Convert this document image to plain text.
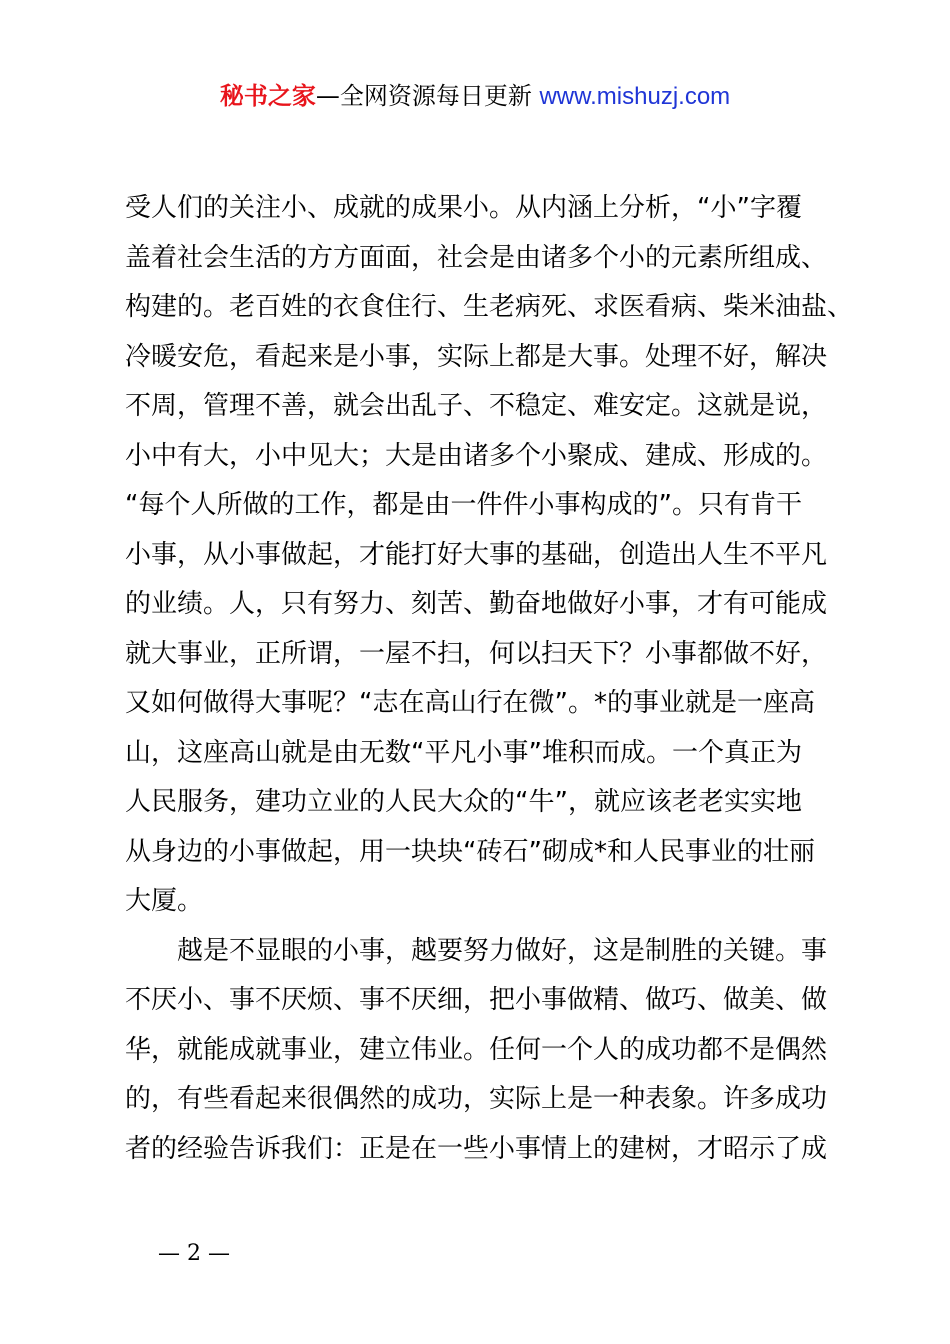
秘书之家—全网资源每日更新 www.mishuzj.com
受人们的关注小、成就的成果小。从内涵上分析，“小”字覆
盖着社会生活的方方面面，社会是由诸多个小的元素所组成、
构建的。老百姓的衣食住行、生老病死、求医看病、柴米油盐、
冷暖安危，看起来是小事，实际上都是大事。处理不好，解决
不周，管理不善，就会出乱子、不稳定、难安定。这就是说，
小中有大，小中见大；大是由诸多个小聚成、建成、形成的。
“每个人所做的工作，都是由一件件小事构成的”。只有肯干
小事，从小事做起，才能打好大事的基础，创造出人生不平凡
的业绩。人，只有努力、刻苦、勤奋地做好小事，才有可能成
就大事业，正所谓，一屋不扫，何以扫天下？小事都做不好，
又如何做得大事呢？“志在高山行在微”。*的事业就是一座高
山，这座高山就是由无数“平凡小事”堆积而成。一个真正为
人民服务，建功立业的人民大众的“牛”，就应该老老实实地
从身边的小事做起，用一块块“砖石”砌成*和人民事业的壮丽
大厦。
越是不显眼的小事，越要努力做好，这是制胜的关键。事
不厌小、事不厌烦、事不厌细，把小事做精、做巧、做美、做
华，就能成就事业，建立伟业。任何一个人的成功都不是偶然
的，有些看起来很偶然的成功，实际上是一种表象。许多成功
者的经验告诉我们：正是在一些小事情上的建树，才昭示了成
— 2 —
